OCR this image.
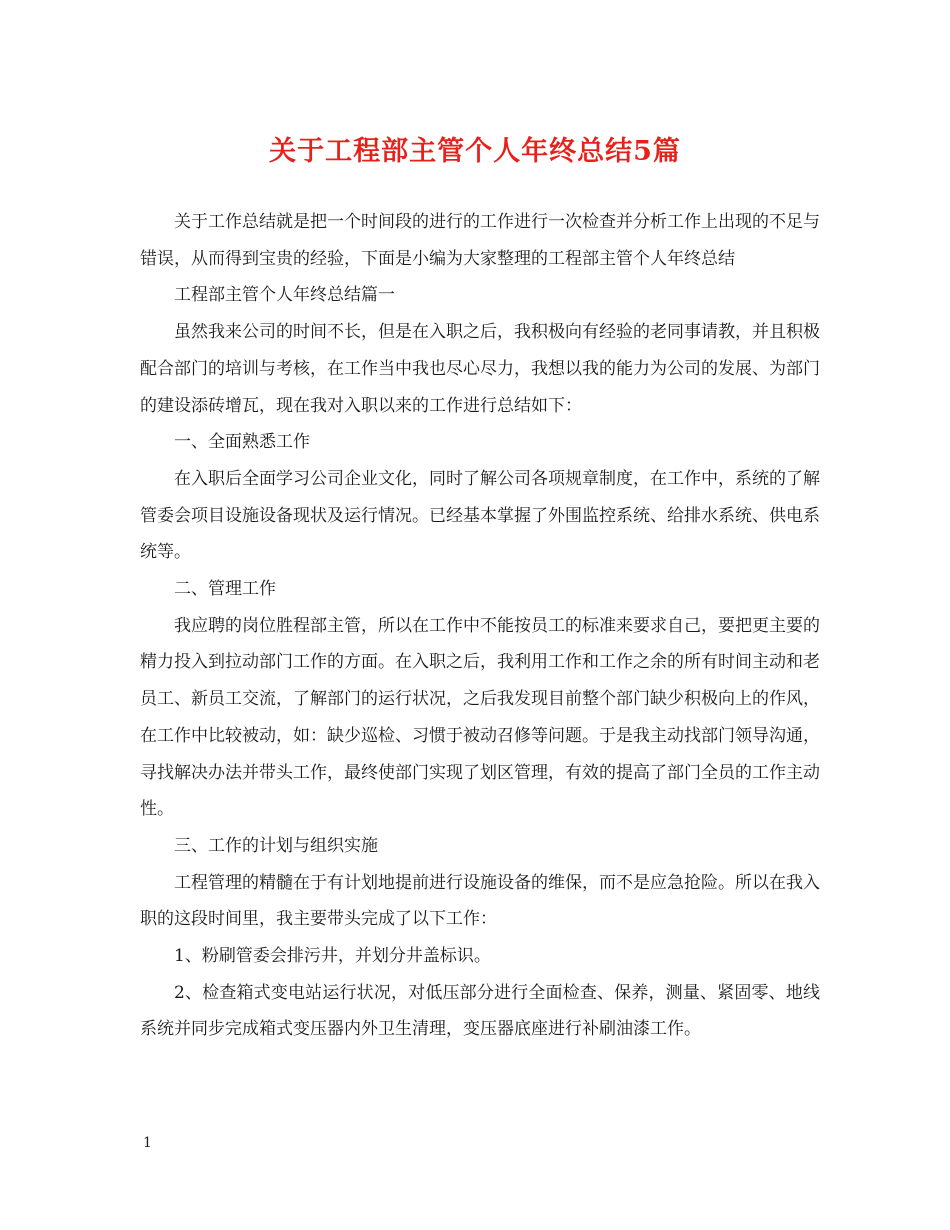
关于工程部主管个人年终总结5篇

关于工作总结就是把一个时间段的进行的工作进行一次检查并分析工作上出现的不足与错误，从而得到宝贵的经验，下面是小编为大家整理的工程部主管个人年终总结

工程部主管个人年终总结篇一

虽然我来公司的时间不长，但是在入职之后，我积极向有经验的老同事请教，并且积极配合部门的培训与考核，在工作当中我也尽心尽力，我想以我的能力为公司的发展、为部门的建设添砖增瓦，现在我对入职以来的工作进行总结如下：

一、全面熟悉工作

在入职后全面学习公司企业文化，同时了解公司各项规章制度，在工作中，系统的了解管委会项目设施设备现状及运行情况。已经基本掌握了外围监控系统、给排水系统、供电系统等。

二、管理工作

我应聘的岗位胜程部主管，所以在工作中不能按员工的标准来要求自己，要把更主要的精力投入到拉动部门工作的方面。在入职之后，我利用工作和工作之余的所有时间主动和老员工、新员工交流，了解部门的运行状况，之后我发现目前整个部门缺少积极向上的作风，在工作中比较被动，如：缺少巡检、习惯于被动召修等问题。于是我主动找部门领导沟通，寻找解决办法并带头工作，最终使部门实现了划区管理，有效的提高了部门全员的工作主动性。

三、工作的计划与组织实施

工程管理的精髓在于有计划地提前进行设施设备的维保，而不是应急抢险。所以在我入职的这段时间里，我主要带头完成了以下工作：

1、粉刷管委会排污井，并划分井盖标识。

2、检查箱式变电站运行状况，对低压部分进行全面检查、保养，测量、紧固零、地线系统并同步完成箱式变压器内外卫生清理，变压器底座进行补刷油漆工作。

1
